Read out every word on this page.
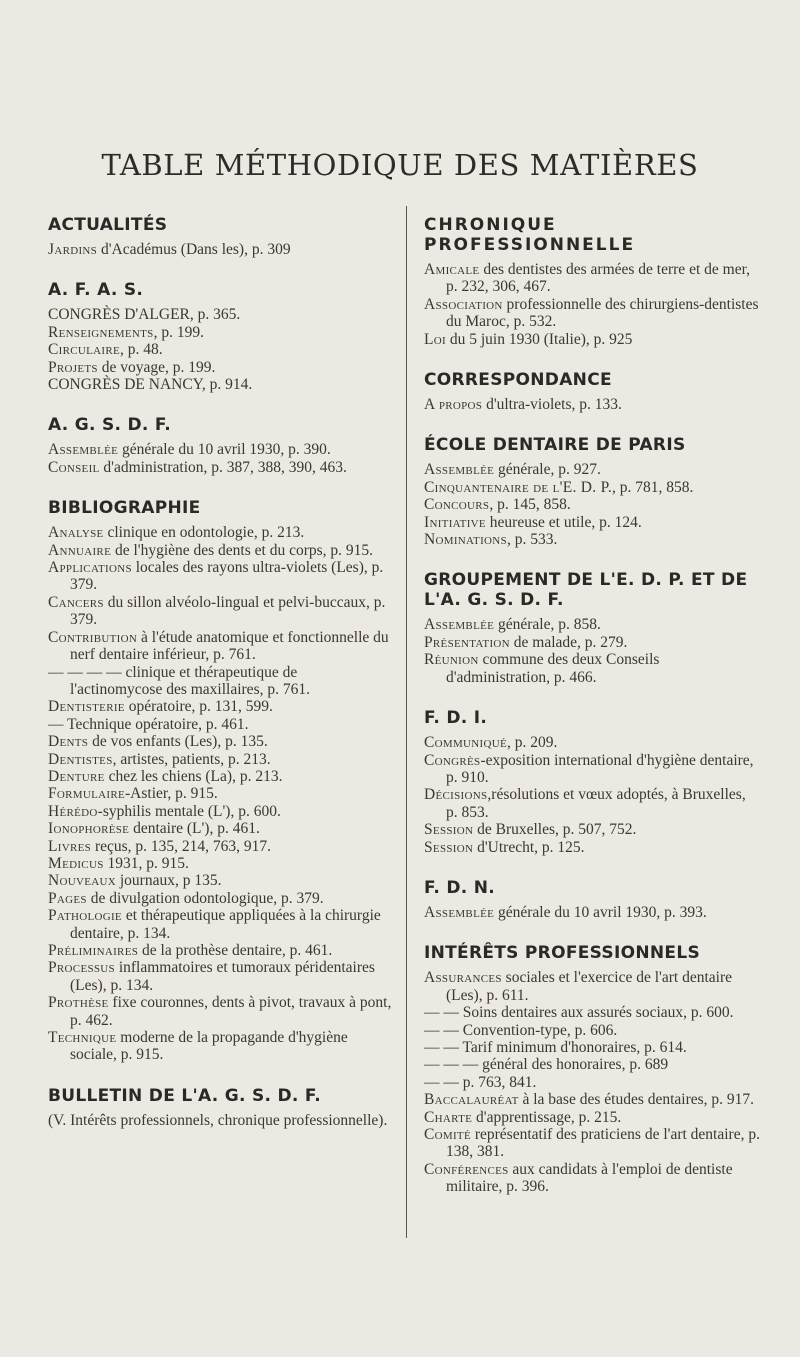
TABLE MÉTHODIQUE DES MATIÈRES
ACTUALITÉS
Jardins d'Académus (Dans les), p. 309
A. F. A. S.
CONGRÈS D'ALGER, p. 365.
Renseignements, p. 199.
Circulaire, p. 48.
Projets de voyage, p. 199.
CONGRÈS DE NANCY, p. 914.
A. G. S. D. F.
Assemblée générale du 10 avril 1930, p. 390.
Conseil d'administration, p. 387, 388, 390, 463.
BIBLIOGRAPHIE
Analyse clinique en odontologie, p. 213.
Annuaire de l'hygiène des dents et du corps, p. 915.
Applications locales des rayons ultra-violets (Les), p. 379.
Cancers du sillon alvéolo-lingual et pelvi-buccaux, p. 379.
Contribution à l'étude anatomique et fonctionnelle du nerf dentaire inférieur, p. 761.
— — — — clinique et thérapeutique de l'actinomycose des maxillaires, p. 761.
Dentisterie opératoire, p. 131, 599.
— Technique opératoire, p. 461.
Dents de vos enfants (Les), p. 135.
Dentistes, artistes, patients, p. 213.
Denture chez les chiens (La), p. 213.
Formulaire-Astier, p. 915.
Hérédo-syphilis mentale (L'), p. 600.
Ionophorèse dentaire (L'), p. 461.
Livres reçus, p. 135, 214, 763, 917.
Medicus 1931, p. 915.
Nouveaux journaux, p 135.
Pages de divulgation odontologique, p. 379.
Pathologie et thérapeutique appliquées à la chirurgie dentaire, p. 134.
Préliminaires de la prothèse dentaire, p. 461.
Processus inflammatoires et tumoraux péridentaires (Les), p. 134.
Prothèse fixe couronnes, dents à pivot, travaux à pont, p. 462.
Technique moderne de la propagande d'hygiène sociale, p. 915.
BULLETIN DE L'A. G. S. D. F.
(V. Intérêts professionnels, chronique professionnelle).
CHRONIQUE PROFESSIONNELLE
Amicale des dentistes des armées de terre et de mer, p. 232, 306, 467.
Association professionnelle des chirurgiens-dentistes du Maroc, p. 532.
Loi du 5 juin 1930 (Italie), p. 925
CORRESPONDANCE
A propos d'ultra-violets, p. 133.
ÉCOLE DENTAIRE DE PARIS
Assemblée générale, p. 927.
Cinquantenaire de l'E. D. P., p. 781, 858.
Concours, p. 145, 858.
Initiative heureuse et utile, p. 124.
Nominations, p. 533.
GROUPEMENT DE L'E. D. P. ET DE L'A. G. S. D. F.
Assemblée générale, p. 858.
Présentation de malade, p. 279.
Réunion commune des deux Conseils d'administration, p. 466.
F. D. I.
Communiqué, p. 209.
Congrès-exposition international d'hygiène dentaire, p. 910.
Décisions,résolutions et vœux adoptés, à Bruxelles, p. 853.
Session de Bruxelles, p. 507, 752.
Session d'Utrecht, p. 125.
F. D. N.
Assemblée générale du 10 avril 1930, p. 393.
INTÉRÊTS PROFESSIONNELS
Assurances sociales et l'exercice de l'art dentaire (Les), p. 611.
— — Soins dentaires aux assurés sociaux, p. 600.
— — Convention-type, p. 606.
— — Tarif minimum d'honoraires, p. 614.
— — — général des honoraires, p. 689
— — p. 763, 841.
Baccalauréat à la base des études dentaires, p. 917.
Charte d'apprentissage, p. 215.
Comité représentatif des praticiens de l'art dentaire, p. 138, 381.
Conférences aux candidats à l'emploi de dentiste militaire, p. 396.
